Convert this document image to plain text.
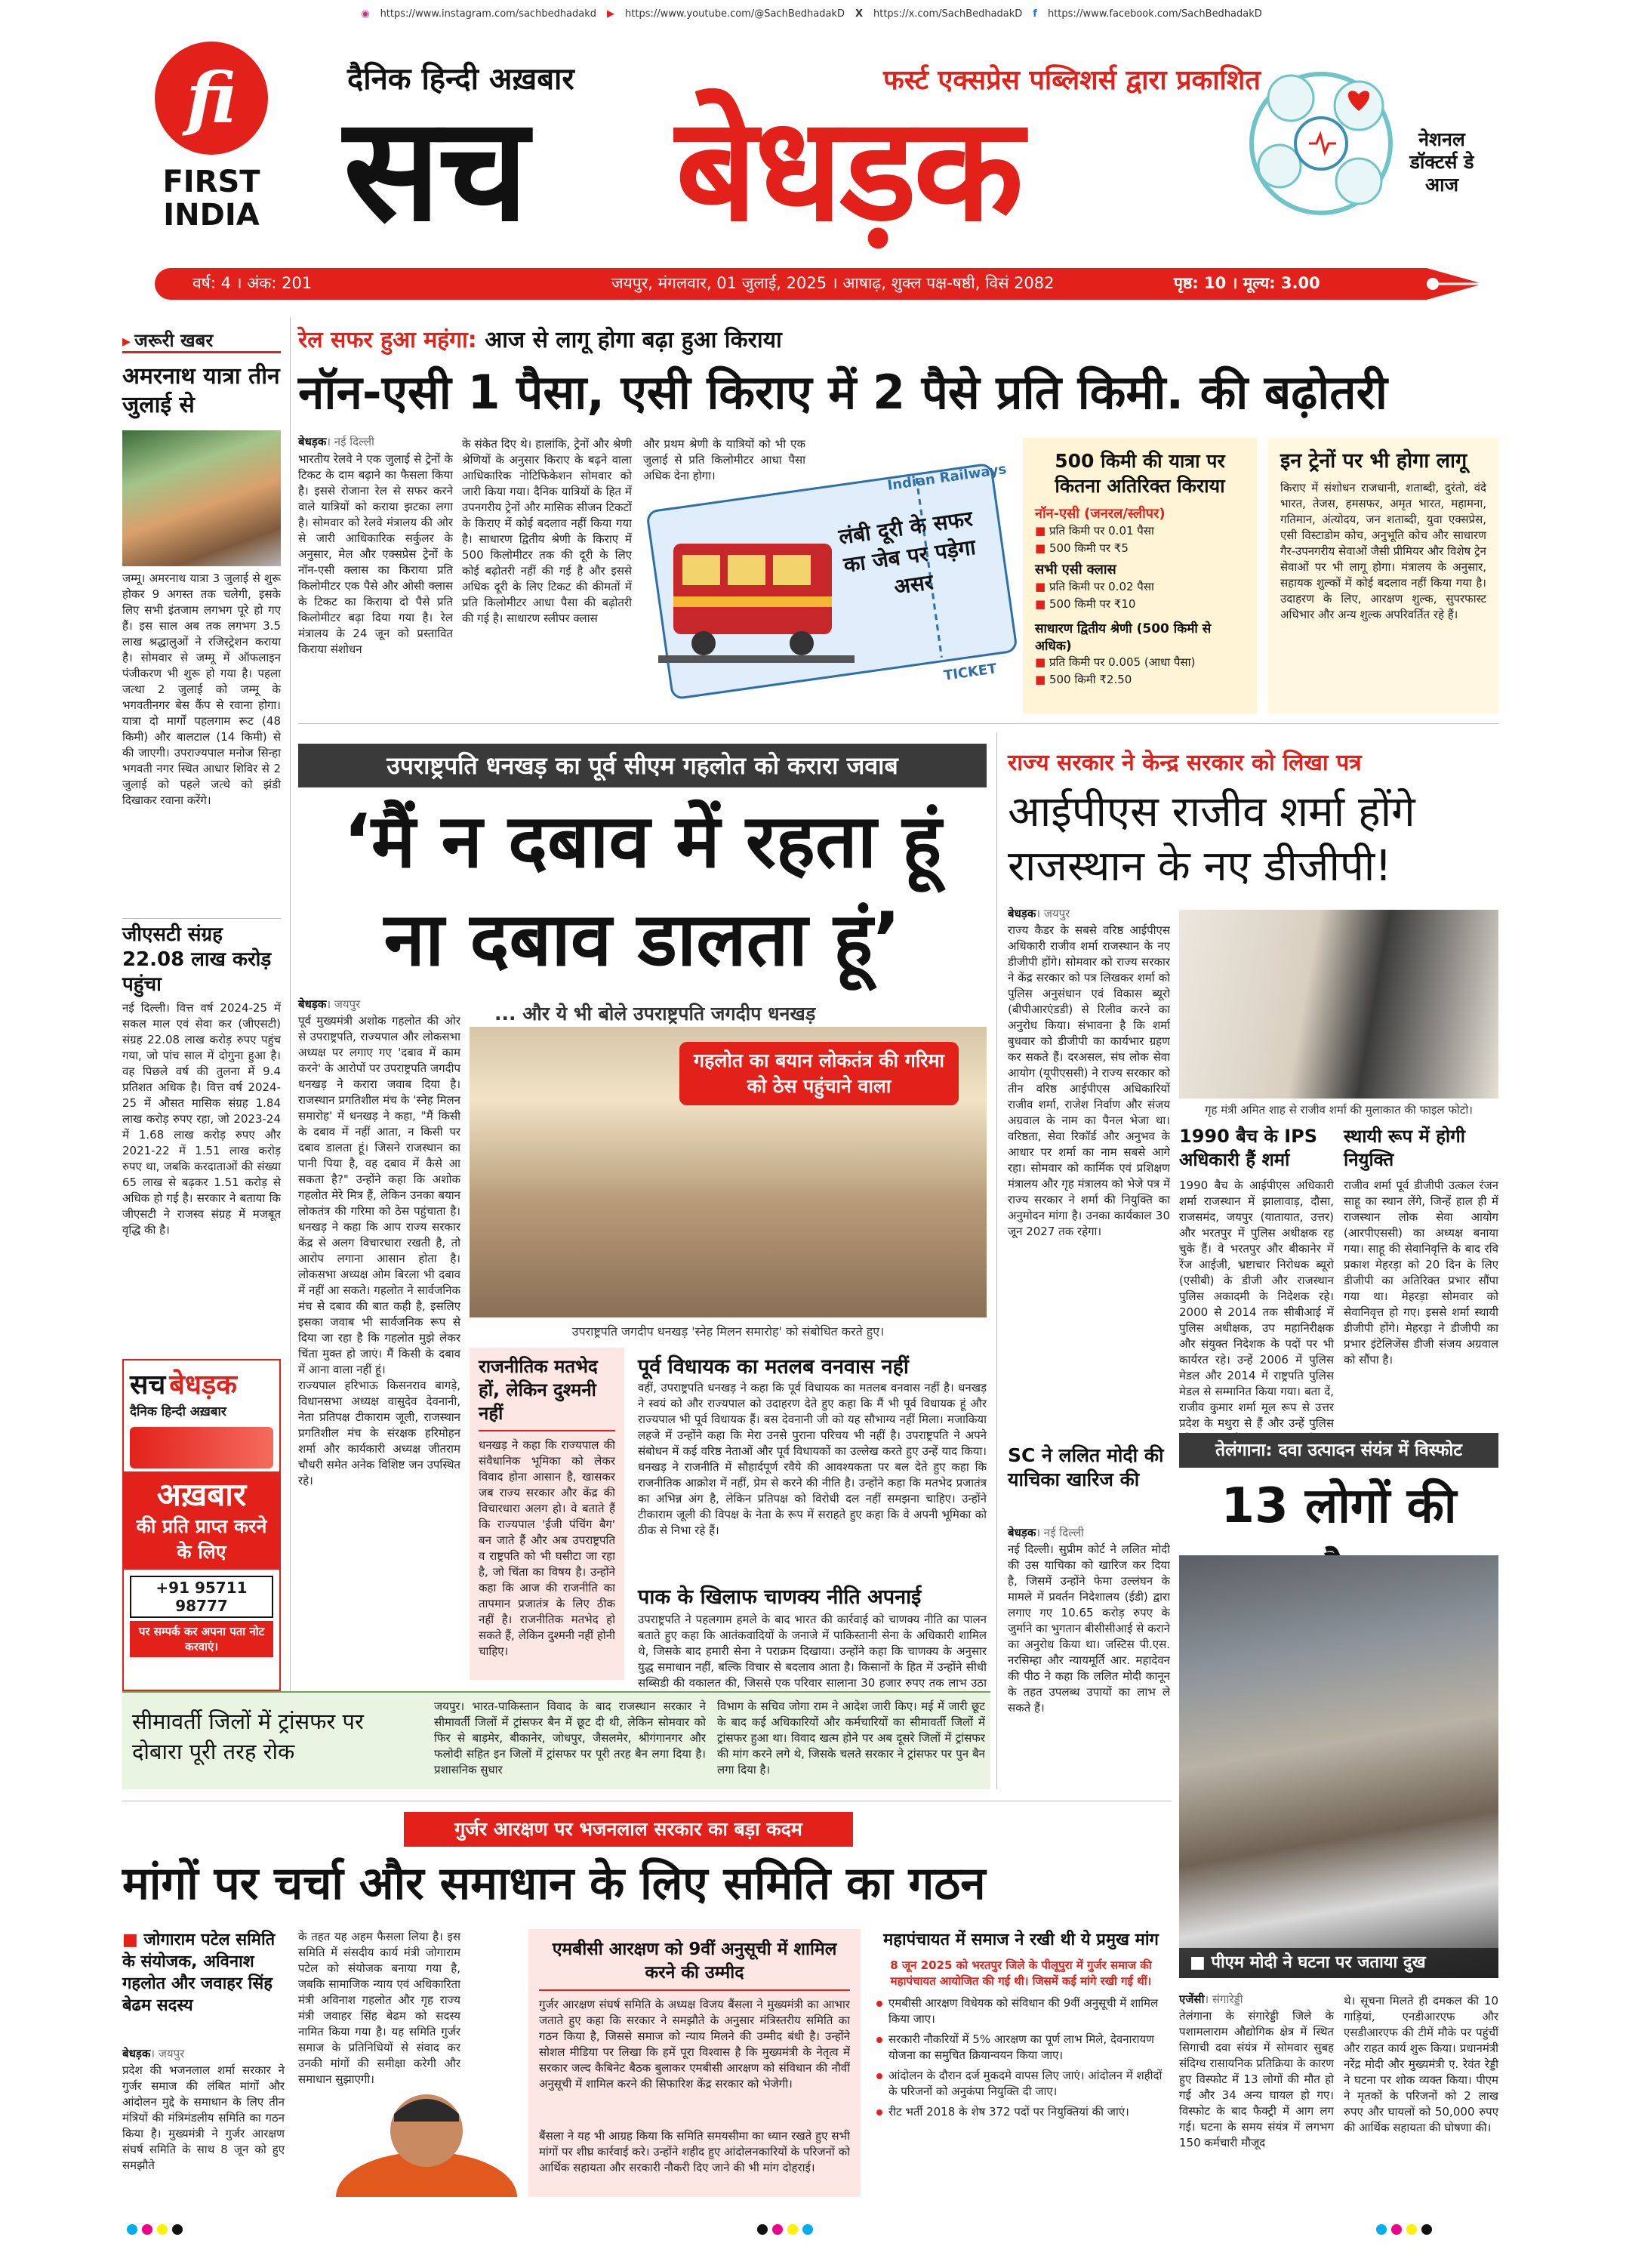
◉ https://www.instagram.com/sachbedhadakd ▶ https://www.youtube.com/@SachBedhadakD X https://x.com/SachBedhadakD f https://www.facebook.com/SachBedhadakD
fi
FIRST INDIA
दैनिक हिन्दी अख़बार	फर्स्ट एक्सप्रेस पब्लिशर्स द्वारा प्रकाशित
सच बेधड़क	नेशनल डॉक्टर्स डे आज
वर्ष: 4 । अंक: 201	जयपुर, मंगलवार, 01 जुलाई, 2025 । आषाढ़, शुक्ल पक्ष-षष्ठी, विसं 2082	पृष्ठ: 10 । मूल्य: 3.00
▸ जरूरी खबर
अमरनाथ यात्रा तीन जुलाई से
जम्मू। अमरनाथ यात्रा 3 जुलाई से शुरू होकर 9 अगस्त तक चलेगी, इसके लिए सभी इंतजाम लगभग पूरे हो गए हैं। इस साल अब तक लगभग 3.5 लाख श्रद्धालुओं ने रजिस्ट्रेशन कराया है। सोमवार से जम्मू में ऑफलाइन पंजीकरण भी शुरू हो गया है। पहला जत्था 2 जुलाई को जम्मू के भगवतीनगर बेस कैंप से रवाना होगा। यात्रा दो मार्गों पहलगाम रूट (48 किमी) और बालटाल (14 किमी) से की जाएगी। उपराज्यपाल मनोज सिन्हा भगवती नगर स्थित आधार शिविर से 2 जुलाई को पहले जत्थे को झंडी दिखाकर रवाना करेंगे।
जीएसटी संग्रह 22.08 लाख करोड़ पहुंचा
नई दिल्ली। वित्त वर्ष 2024-25 में सकल माल एवं सेवा कर (जीएसटी) संग्रह 22.08 लाख करोड़ रुपए पहुंच गया, जो पांच साल में दोगुना हुआ है। वह पिछले वर्ष की तुलना में 9.4 प्रतिशत अधिक है। वित्त वर्ष 2024-25 में औसत मासिक संग्रह 1.84 लाख करोड़ रुपए रहा, जो 2023-24 में 1.68 लाख करोड़ रुपए और 2021-22 में 1.51 लाख करोड़ रुपए था, जबकि करदाताओं की संख्या 65 लाख से बढ़कर 1.51 करोड़ से अधिक हो गई है। सरकार ने बताया कि जीएसटी ने राजस्व संग्रह में मजबूत वृद्धि की है।
सच बेधड़क
दैनिक हिन्दी अख़बार
अख़बार
की प्रति प्राप्त करने के लिए
+91 95711 98777
पर सम्पर्क कर अपना पता नोट करवाएं।
रेल सफर हुआ महंगा: आज से लागू होगा बढ़ा हुआ किराया
नॉन-एसी 1 पैसा, एसी किराए में 2 पैसे प्रति किमी. की बढ़ोतरी
बेधड़क। नई दिल्ली
भारतीय रेलवे ने एक जुलाई से ट्रेनों के टिकट के दाम बढ़ाने का फैसला किया है। इससे रोजाना रेल से सफर करने वाले यात्रियों को कराया झटका लगा है। सोमवार को रेलवे मंत्रालय की ओर से जारी आधिकारिक सर्कुलर के अनुसार, मेल और एक्सप्रेस ट्रेनों के नॉन-एसी क्लास का किराया प्रति किलोमीटर एक पैसे और ओसी क्लास के टिकट का किराया दो पैसे प्रति किलोमीटर बढ़ा दिया गया है। रेल मंत्रालय के 24 जून को प्रस्तावित किराया संशोधन
के संकेत दिए थे। हालांकि, ट्रेनों और श्रेणी श्रेणियों के अनुसार किराए के बढ़ने वाला आधिकारिक नोटिफिकेशन सोमवार को जारी किया गया। दैनिक यात्रियों के हित में उपनगरीय ट्रेनों और मासिक सीजन टिकटों के किराए में कोई बदलाव नहीं किया गया है। साधारण द्वितीय श्रेणी के किराए में 500 किलोमीटर तक की दूरी के लिए कोई बढ़ोतरी नहीं की गई है और इससे अधिक दूरी के लिए टिकट की कीमतों में प्रति किलोमीटर आधा पैसा की बढ़ोतरी की गई है। साधारण स्लीपर क्लास
और प्रथम श्रेणी के यात्रियों को भी एक जुलाई से प्रति किलोमीटर आधा पैसा अधिक देना होगा।	Indian Railways
लंबी दूरी के सफर का जेब पर पड़ेगा असर
TICKET
500 किमी की यात्रा पर कितना अतिरिक्त किराया
नॉन-एसी (जनरल/स्लीपर)
■ प्रति किमी पर 0.01 पैसा
■ 500 किमी पर ₹5
सभी एसी क्लास
■ प्रति किमी पर 0.02 पैसा
■ 500 किमी पर ₹10
साधारण द्वितीय श्रेणी (500 किमी से अधिक)
■ प्रति किमी पर 0.005 (आधा पैसा)
■ 500 किमी ₹2.50
इन ट्रेनों पर भी होगा लागू
किराए में संशोधन राजधानी, शताब्दी, दुरंतो, वंदे भारत, तेजस, हमसफर, अमृत भारत, महामना, गतिमान, अंत्योदय, जन शताब्दी, युवा एक्सप्रेस, एसी विस्टाडोम कोच, अनुभूति कोच और साधारण गैर-उपनगरीय सेवाओं जैसी प्रीमियर और विशेष ट्रेन सेवाओं पर भी लागू होगा। मंत्रालय के अनुसार, सहायक शुल्कों में कोई बदलाव नहीं किया गया है। उदाहरण के लिए, आरक्षण शुल्क, सुपरफास्ट अधिभार और अन्य शुल्क अपरिवर्तित रहे हैं।
उपराष्ट्रपति धनखड़ का पूर्व सीएम गहलोत को करारा जवाब
‘मैं न दबाव में रहता हूं
ना दबाव डालता हूं’
... और ये भी बोले उपराष्ट्रपति जगदीप धनखड़
बेधड़क। जयपुर
पूर्व मुख्यमंत्री अशोक गहलोत की ओर से उपराष्ट्रपति, राज्यपाल और लोकसभा अध्यक्ष पर लगाए गए 'दबाव में काम करने' के आरोपों पर उपराष्ट्रपति जगदीप धनखड़ ने करारा जवाब दिया है। राजस्थान प्रगतिशील मंच के 'स्नेह मिलन समारोह' में धनखड़ ने कहा, "मैं किसी के दबाव में नहीं आता, न किसी पर दबाव डालता हूं। जिसने राजस्थान का पानी पिया है, वह दबाव में कैसे आ सकता है?" उन्होंने कहा कि अशोक गहलोत मेरे मित्र हैं, लेकिन उनका बयान लोकतंत्र की गरिमा को ठेस पहुंचाता है। धनखड़ ने कहा कि आप राज्य सरकार केंद्र से अलग विचारधारा रखती है, तो आरोप लगाना आसान होता है। लोकसभा अध्यक्ष ओम बिरला भी दबाव में नहीं आ सकते। गहलोत ने सार्वजनिक मंच से दबाव की बात कही है, इसलिए इसका जवाब भी सार्वजनिक रूप से दिया जा रहा है कि गहलोत मुझे लेकर चिंता मुक्त हो जाएं। मैं किसी के दबाव में आना वाला नहीं हूं।
राज्यपाल हरिभाऊ किसनराव बागड़े, विधानसभा अध्यक्ष वासुदेव देवनानी, नेता प्रतिपक्ष टीकाराम जूली, राजस्थान प्रगतिशील मंच के संरक्षक हरिमोहन शर्मा और कार्यकारी अध्यक्ष जीतराम चौधरी समेत अनेक विशिष्ट जन उपस्थित रहे।
गहलोत का बयान लोकतंत्र की गरिमा को ठेस पहुंचाने वाला
उपराष्ट्रपति जगदीप धनखड़ 'स्नेह मिलन समारोह' को संबोधित करते हुए।
राजनीतिक मतभेद हों, लेकिन दुश्मनी नहीं
धनखड़ ने कहा कि राज्यपाल की संवैधानिक भूमिका को लेकर विवाद होना आसान है, खासकर जब राज्य सरकार और केंद्र की विचारधारा अलग हो। वे बताते हैं कि राज्यपाल 'ईजी पंचिंग बैग' बन जाते हैं और अब उपराष्ट्रपति व राष्ट्रपति को भी घसीटा जा रहा है, जो चिंता का विषय है। उन्होंने कहा कि आज की राजनीति का तापमान प्रजातंत्र के लिए ठीक नहीं है। राजनीतिक मतभेद हो सकते हैं, लेकिन दुश्मनी नहीं होनी चाहिए।
पूर्व विधायक का मतलब वनवास नहीं
वहीं, उपराष्ट्रपति धनखड़ ने कहा कि पूर्व विधायक का मतलब वनवास नहीं है। धनखड़ ने स्वयं को और राज्यपाल को उदाहरण देते हुए कहा कि मैं भी पूर्व विधायक हूं और राज्यपाल भी पूर्व विधायक हैं। बस देवनानी जी को यह सौभाग्य नहीं मिला। मजाकिया लहजे में उन्होंने कहा कि मेरा उनसे पुराना परिचय भी नहीं है। उपराष्ट्रपति ने अपने संबोधन में कई वरिष्ठ नेताओं और पूर्व विधायकों का उल्लेख करते हुए उन्हें याद किया। धनखड़ ने राजनीति में सौहार्दपूर्ण रवैये की आवश्यकता पर बल देते हुए कहा कि राजनीतिक आक्रोश में नहीं, प्रेम से करने की नीति है। उन्होंने कहा कि मतभेद प्रजातंत्र का अभिन्न अंग है, लेकिन प्रतिपक्ष को विरोधी दल नहीं समझना चाहिए। उन्होंने टीकाराम जूली की विपक्ष के नेता के रूप में सराहते हुए कहा कि वे अपनी भूमिका को ठीक से निभा रहे हैं।
पाक के खिलाफ चाणक्य नीति अपनाई
उपराष्ट्रपति ने पहलगाम हमले के बाद भारत की कार्रवाई को चाणक्य नीति का पालन बताते हुए कहा कि आतंकवादियों के जनाजे में पाकिस्तानी सेना के अधिकारी शामिल थे, जिसके बाद हमारी सेना ने पराक्रम दिखाया। उन्होंने कहा कि चाणक्य के अनुसार युद्ध समाधान नहीं, बल्कि विचार से बदलाव आता है। किसानों के हित में उन्होंने सीधी सब्सिडी की वकालत की, जिससे एक परिवार सालाना 30 हजार रुपए तक लाभ उठा
राज्य सरकार ने केन्द्र सरकार को लिखा पत्र
आईपीएस राजीव शर्मा होंगे राजस्थान के नए डीजीपी!
बेधड़क। जयपुर
राज्य कैडर के सबसे वरिष्ठ आईपीएस अधिकारी राजीव शर्मा राजस्थान के नए डीजीपी होंगे। सोमवार को राज्य सरकार ने केंद्र सरकार को पत्र लिखकर शर्मा को पुलिस अनुसंधान एवं विकास ब्यूरो (बीपीआरएंडडी) से रिलीव करने का अनुरोध किया। संभावना है कि शर्मा बुधवार को डीजीपी का कार्यभार ग्रहण कर सकते हैं। दरअसल, संघ लोक सेवा आयोग (यूपीएससी) ने राज्य सरकार को तीन वरिष्ठ आईपीएस अधिकारियों राजीव शर्मा, राजेश निर्वाण और संजय अग्रवाल के नाम का पैनल भेजा था। वरिष्ठता, सेवा रिकॉर्ड और अनुभव के आधार पर शर्मा का नाम सबसे आगे रहा। सोमवार को कार्मिक एवं प्रशिक्षण मंत्रालय और गृह मंत्रालय को भेजे पत्र में राज्य सरकार ने शर्मा की नियुक्ति का अनुमोदन मांगा है। उनका कार्यकाल 30 जून 2027 तक रहेगा।
गृह मंत्री अमित शाह से राजीव शर्मा की मुलाकात की फाइल फोटो।
1990 बैच के IPS अधिकारी हैं शर्मा
1990 बैच के आईपीएस अधिकारी शर्मा राजस्थान में झालावाड़, दौसा, राजसमंद, जयपुर (यातायात, उत्तर) और भरतपुर में पुलिस अधीक्षक रह चुके हैं। वे भरतपुर और बीकानेर में रेंज आईजी, भ्रष्टाचार निरोधक ब्यूरो (एसीबी) के डीजी और राजस्थान पुलिस अकादमी के निदेशक रहे। 2000 से 2014 तक सीबीआई में पुलिस अधीक्षक, उप महानिरीक्षक और संयुक्त निदेशक के पदों पर भी कार्यरत रहे। उन्हें 2006 में पुलिस मेडल और 2014 में राष्ट्रपति पुलिस मेडल से सम्मानित किया गया। बता दें, राजीव कुमार शर्मा मूल रूप से उत्तर प्रदेश के मथुरा से हैं और उन्हें पुलिस
स्थायी रूप में होगी नियुक्ति
राजीव शर्मा पूर्व डीजीपी उत्कल रंजन साहू का स्थान लेंगे, जिन्हें हाल ही में राजस्थान लोक सेवा आयोग (आरपीएससी) का अध्यक्ष बनाया गया। साहू की सेवानिवृत्ति के बाद रवि प्रकाश मेहरड़ा को 20 दिन के लिए डीजीपी का अतिरिक्त प्रभार सौंपा गया था। मेहरड़ा सोमवार को सेवानिवृत्त हो गए। इससे शर्मा स्थायी डीजीपी होंगे। मेहरड़ा ने डीजीपी का प्रभार इंटेलिजेंस डीजी संजय अग्रवाल को सौंपा है।
तेलंगाना: दवा उत्पादन संयंत्र में विस्फोट
13 लोगों की
■ पीएम मोदी ने घटना पर जताया दुख
एजेंसी। संगारेड्डी
तेलंगाना के संगारेड्डी जिले के पशामलाराम औद्योगिक क्षेत्र में स्थित सिगाची दवा संयंत्र में सोमवार सुबह संदिग्ध रासायनिक प्रतिक्रिया के कारण हुए विस्फोट में 13 लोगों की मौत हो गई और 34 अन्य घायल हो गए। विस्फोट के बाद फैक्ट्री में आग लग गई। घटना के समय संयंत्र में लगभग 150 कर्मचारी मौजूद
थे। सूचना मिलते ही दमकल की 10 गाड़ियां, एनडीआरएफ और एसडीआरएफ की टीमें मौके पर पहुंचीं और राहत कार्य शुरू किया। प्रधानमंत्री नरेंद्र मोदी और मुख्यमंत्री ए. रेवंत रेड्डी ने घटना पर शोक व्यक्त किया। पीएम ने मृतकों के परिजनों को 2 लाख रुपए और घायलों को 50,000 रुपए की आर्थिक सहायता की घोषणा की।
SC ने ललित मोदी की याचिका खारिज की
बेधड़क। नई दिल्ली
नई दिल्ली। सुप्रीम कोर्ट ने ललित मोदी की उस याचिका को खारिज कर दिया है, जिसमें उन्होंने फेमा उल्लंघन के मामले में प्रवर्तन निदेशालय (ईडी) द्वारा लगाए गए 10.65 करोड़ रुपए के जुर्माने का भुगतान बीसीसीआई से कराने का अनुरोध किया था। जस्टिस पी.एस. नरसिम्हा और न्यायमूर्ति आर. महादेवन की पीठ ने कहा कि ललित मोदी कानून के तहत उपलब्ध उपायों का लाभ ले सकते हैं।
सीमावर्ती जिलों में ट्रांसफर पर दोबारा पूरी तरह रोक
जयपुर। भारत-पाकिस्तान विवाद के बाद राजस्थान सरकार ने सीमावर्ती जिलों में ट्रांसफर बैन में छूट दी थी, लेकिन सोमवार को फिर से बाड़मेर, बीकानेर, जोधपुर, जैसलमेर, श्रीगंगानगर और फलोदी सहित इन जिलों में ट्रांसफर पर पूरी तरह बैन लगा दिया है। प्रशासनिक सुधार
विभाग के सचिव जोगा राम ने आदेश जारी किए। मई में जारी छूट के बाद कई अधिकारियों और कर्मचारियों का सीमावर्ती जिलों में ट्रांसफर हुआ था। विवाद खत्म होने पर अब दूसरे जिलों में ट्रांसफर की मांग करने लगे थे, जिसके चलते सरकार ने ट्रांसफर पर पुन बैन लगा दिया है।
गुर्जर आरक्षण पर भजनलाल सरकार का बड़ा कदम
मांगों पर चर्चा और समाधान के लिए समिति का गठन
■ जोगाराम पटेल समिति के संयोजक, अविनाश गहलोत और जवाहर सिंह बेढम सदस्य
बेधड़क। जयपुर
प्रदेश की भजनलाल शर्मा सरकार ने गुर्जर समाज की लंबित मांगों और आंदोलन मुद्दे के समाधान के लिए तीन मंत्रियों की मंत्रिमंडलीय समिति का गठन किया है। मुख्यमंत्री ने गुर्जर आरक्षण संघर्ष समिति के साथ 8 जून को हुए समझौते
के तहत यह अहम फैसला लिया है। इस समिति में संसदीय कार्य मंत्री जोगाराम पटेल को संयोजक बनाया गया है, जबकि सामाजिक न्याय एवं अधिकारिता मंत्री अविनाश गहलोत और गृह राज्य मंत्री जवाहर सिंह बेढम को सदस्य नामित किया गया है। यह समिति गुर्जर समाज के प्रतिनिधियों से संवाद कर उनकी मांगों की समीक्षा करेगी और समाधान सुझाएगी।
एमबीसी आरक्षण को 9वीं अनुसूची में शामिल करने की उम्मीद
गुर्जर आरक्षण संघर्ष समिति के अध्यक्ष विजय बैंसला ने मुख्यमंत्री का आभार जताते हुए कहा कि सरकार ने समझौते के अनुसार मंत्रिस्तरीय समिति का गठन किया है, जिससे समाज को न्याय मिलने की उम्मीद बंधी है। उन्होंने सोशल मीडिया पर लिखा कि हमें पूरा विश्वास है कि मुख्यमंत्री के नेतृत्व में सरकार जल्द कैबिनेट बैठक बुलाकर एमबीसी आरक्षण को संविधान की नौवीं अनुसूची में शामिल करने की सिफारिश केंद्र सरकार को भेजेगी।
बैंसला ने यह भी आग्रह किया कि समिति समयसीमा का ध्यान रखते हुए सभी मांगों पर शीघ्र कार्रवाई करे। उन्होंने शहीद हुए आंदोलनकारियों के परिजनों को आर्थिक सहायता और सरकारी नौकरी दिए जाने की भी मांग दोहराई।
महापंचायत में समाज ने रखी थी ये प्रमुख मांग
8 जून 2025 को भरतपुर जिले के पीलूपुरा में गुर्जर समाज की महापंचायत आयोजित की गई थी। जिसमें कई मांगे रखी गई थीं।
एमबीसी आरक्षण विधेयक को संविधान की 9वीं अनुसूची में शामिल किया जाए।
सरकारी नौकरियों में 5% आरक्षण का पूर्ण लाभ मिले, देवनारायण योजना का समुचित क्रियान्वयन किया जाए।
आंदोलन के दौरान दर्ज मुकदमे वापस लिए जाएं। आंदोलन में शहीदों के परिजनों को अनुकंपा नियुक्ति दी जाए।
रीट भर्ती 2018 के शेष 372 पदों पर नियुक्तियां की जाएं।
